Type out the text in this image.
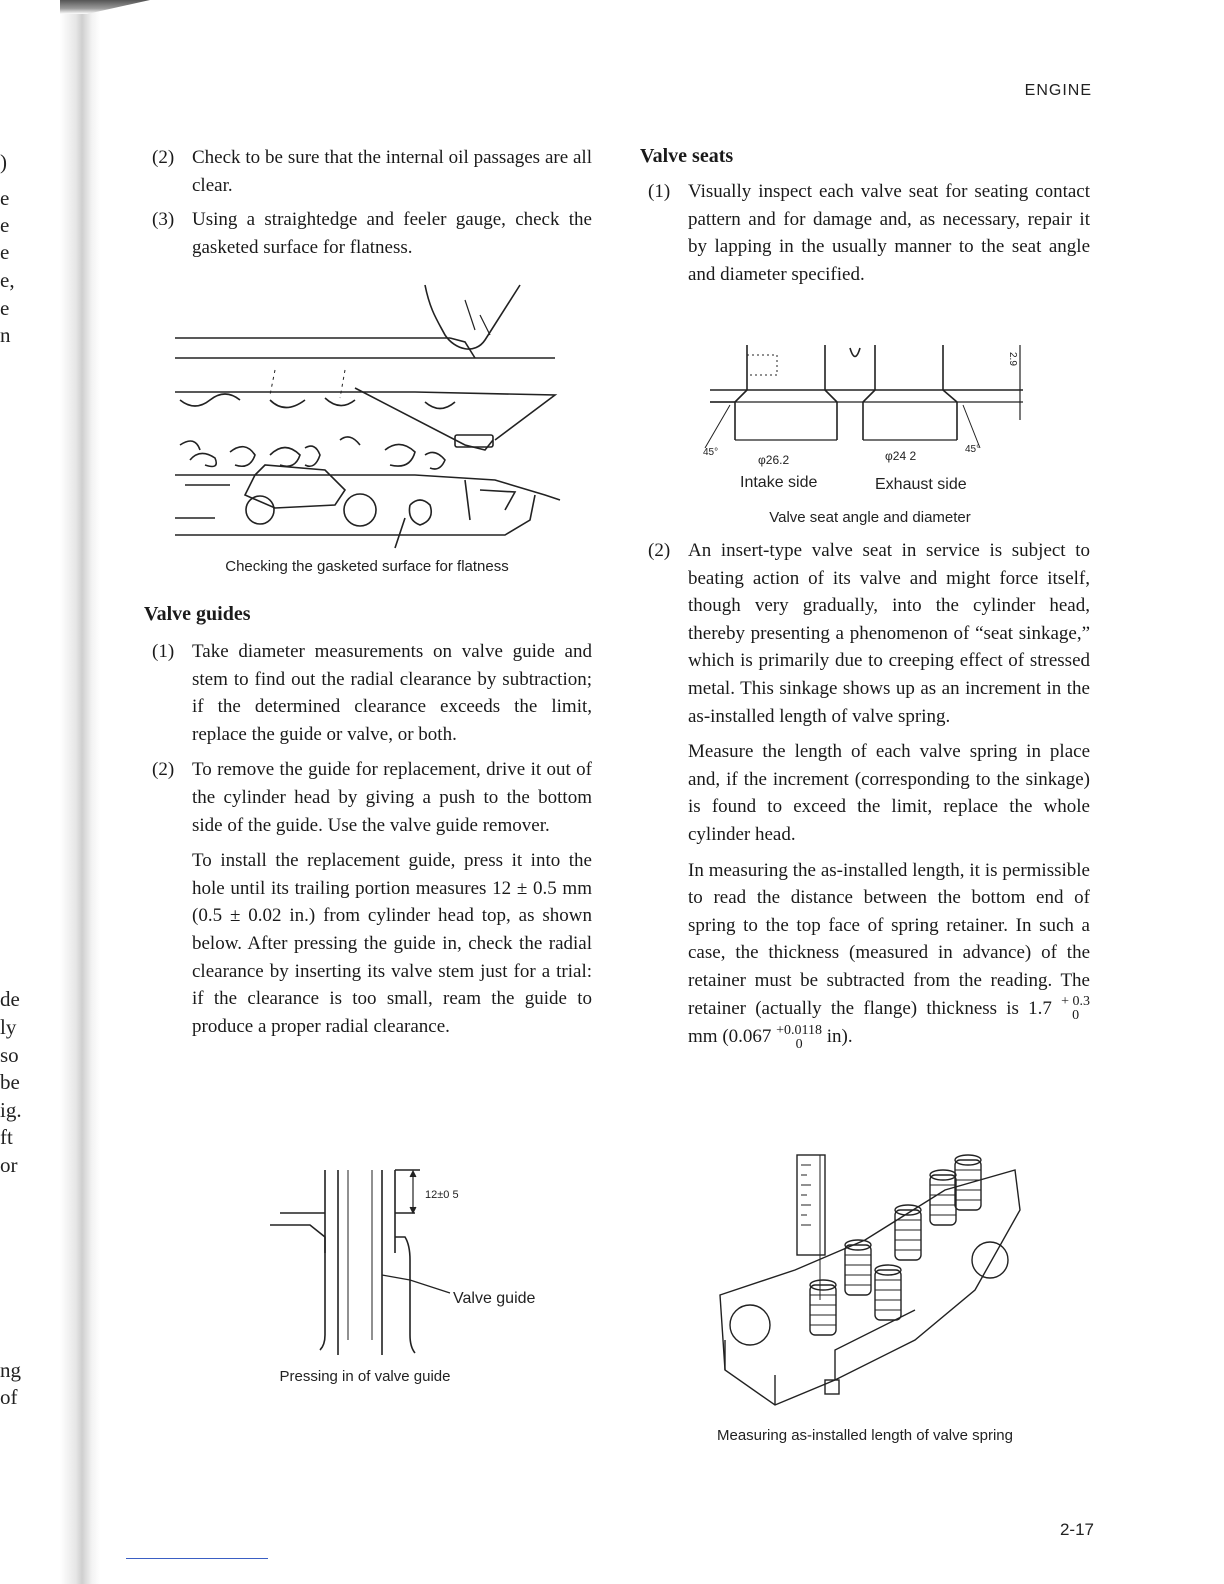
)
e
e
e
e,
e
n
de
ly
so
be
ig.
ft
or
ng
of
ENGINE
(2) Check to be sure that the internal oil passages are all clear.
(3) Using a straightedge and feeler gauge, check the gasketed surface for flatness.
Checking the gasketed surface for flatness
Valve guides
(1) Take diameter measurements on valve guide and stem to find out the radial clearance by subtraction; if the determined clearance exceeds the limit, replace the guide or valve, or both.
(2) To remove the guide for replacement, drive it out of the cylinder head by giving a push to the bottom side of the guide. Use the valve guide remover.
To install the replacement guide, press it into the hole until its trailing portion measures 12 ± 0.5 mm (0.5 ± 0.02 in.) from cylinder head top, as shown below. After pressing the guide in, check the radial clearance by inserting its valve stem just for a trial: if the clearance is too small, ream the guide to produce a proper radial clearance.
12±0 5
Valve guide
Pressing in of valve guide
Valve seats
(1) Visually inspect each valve seat for seating contact pattern and for damage and, as necessary, repair it by lapping in the usually manner to the seat angle and diameter specified.
45°	45°
2.9
φ26.2	φ24 2
Intake side	Exhaust side
Valve seat angle and diameter
(2) An insert-type valve seat in service is subject to beating action of its valve and might force itself, though very gradually, into the cylinder head, thereby presenting a phenomenon of “seat sinkage,” which is primarily due to creeping effect of stressed metal. This sinkage shows up as an increment in the as-installed length of valve spring.
Measure the length of each valve spring in place and, if the increment (corresponding to the sinkage) is found to exceed the limit, replace the whole cylinder head.
In measuring the as-installed length, it is permissible to read the distance between the bottom end of spring to the top face of spring retainer. In such a case, the thickness (measured in advance) of the retainer must be subtracted from the reading. The retainer (actually the flange) thickness is 1.7 + 0.3
0
mm (0.067 +0.0118
0	in).
Measuring as-installed length of valve spring
2-17
